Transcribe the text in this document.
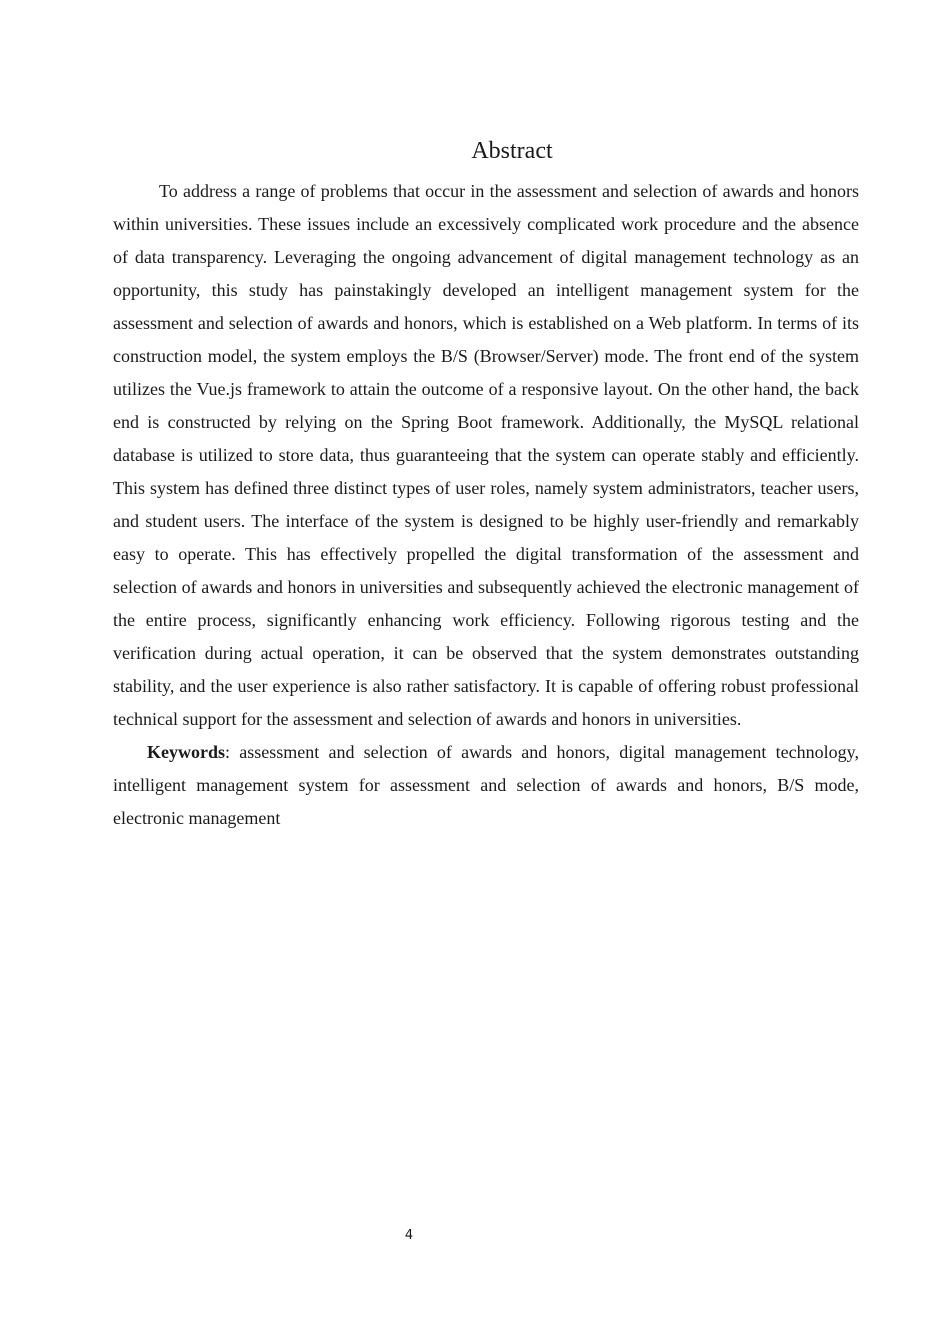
Abstract

To address a range of problems that occur in the assessment and selection of awards and honors within universities. These issues include an excessively complicated work procedure and the absence of data transparency. Leveraging the ongoing advancement of digital management technology as an opportunity, this study has painstakingly developed an intelligent management system for the assessment and selection of awards and honors, which is established on a Web platform. In terms of its construction model, the system employs the B/S (Browser/Server) mode. The front end of the system utilizes the Vue.js framework to attain the outcome of a responsive layout. On the other hand, the back end is constructed by relying on the Spring Boot framework. Additionally, the MySQL relational database is utilized to store data, thus guaranteeing that the system can operate stably and efficiently. This system has defined three distinct types of user roles, namely system administrators, teacher users, and student users. The interface of the system is designed to be highly user-friendly and remarkably easy to operate. This has effectively propelled the digital transformation of the assessment and selection of awards and honors in universities and subsequently achieved the electronic management of the entire process, significantly enhancing work efficiency. Following rigorous testing and the verification during actual operation, it can be observed that the system demonstrates outstanding stability, and the user experience is also rather satisfactory. It is capable of offering robust professional technical support for the assessment and selection of awards and honors in universities.

Keywords: assessment and selection of awards and honors, digital management technology, intelligent management system for assessment and selection of awards and honors, B/S mode, electronic management

4
